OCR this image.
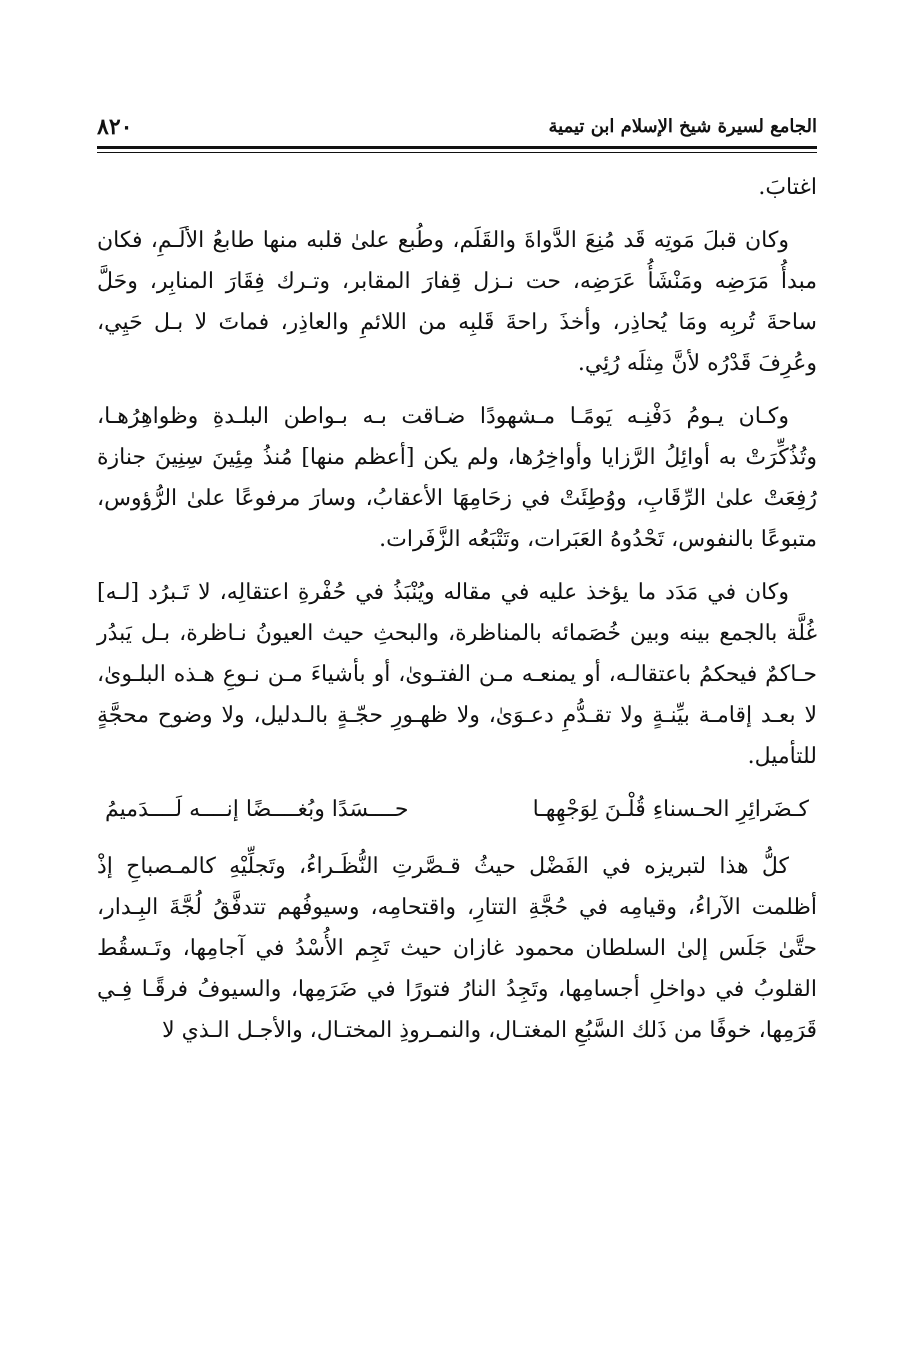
الجامع لسيرة شيخ الإسلام ابن تيمية
٨٢٠

اغتابَ.

وكان قبلَ مَوتِه قَد مُنِعَ الدَّواةَ والقَلَم، وطُبع علىٰ قلبه منها طابعُ الألَـمِ، فكان مبدأُ مَرَضِه ومَنْشَأُ عَرَضِه، حت نـزل قِفارَ المقابر، وتـرك فِقَارَ المنابِر، وحَلَّ ساحةَ تُربِه ومَا يُحاذِر، وأخذَ راحةَ قَلبِه من اللائمِ والعاذِر، فماتَ لا بـل حَيِي، وعُرِفَ قَدْرُه لأنَّ مِثلَه رُئِي.

وكـان يـومُ دَفْنِـه يَومًـا مـشهودًا ضـاقت بـه بـواطن البلـدةِ وظواهِرُهـا، وتُذُكِّرَتْ به أوائِلُ الرَّزايا وأواخِرُها، ولم يكن [أعظم منها] مُنذُ مِئِينَ سِنِينَ جنازة رُفِعَتْ علىٰ الرِّقَابِ، ووُطِئَتْ في زحَامِهَا الأعقابُ، وسارَ مرفوعًا علىٰ الرُّؤوس، متبوعًا بالنفوس، تَحْدُوهُ العَبَرات، وتَتْبَعُه الزَّفَرات.

وكان في مَدَد ما يؤخذ عليه في مقاله ويُنْبَذُ في حُفْرةِ اعتقالِه، لا تَـبرُد [لـه] غُلَّة بالجمع بينه وبين خُصَمائه بالمناظرة، والبحثِ حيث العيونُ نـاظرة، بـل يَبدُر حـاكمٌ فيحكمُ باعتقالـه، أو يمنعـه مـن الفتـوىٰ، أو بأشياءَ مـن نـوعِ هـذه البلـوىٰ، لا بعـد إقامـة بيِّنـةٍ ولا تقـدُّمِ دعـوَىٰ، ولا ظهـورِ حجّـةٍ بالـدليل، ولا وضوح محجَّةٍ للتأميل.

كـضَرائِرِ الحـسناءِ قُلْـنَ لِوَجْهِهـا
حــــسَدًا وبُغــــضًا إنــــه لَــــدَميمُ

كلُّ هذا لتبريزه في الفَضْل حيثُ قـصَّرتِ النُّظَـراءُ، وتَجلِّيْهِ كالمـصباحِ إذْ أظلمت الآراءُ، وقيامِه في حُجَّةِ التتارِ، واقتحامِه، وسيوفُهم تتدفَّقُ لُجَّةَ البِـدار، حتَّىٰ جَلَس إلىٰ السلطان محمود غازان حيث تَجِم الأُسْدُ في آجامِها، وتَـسقُط القلوبُ في دواخلِ أجسامِها، وتَجِدُ النارُ فتورًا في ضَرَمِها، والسيوفُ فرقًـا فِـي قَرَمِها، خوفًا من ذَلك السَّبُعِ المغتـال، والنمـروذِ المختـال، والأجـل الـذي لا
